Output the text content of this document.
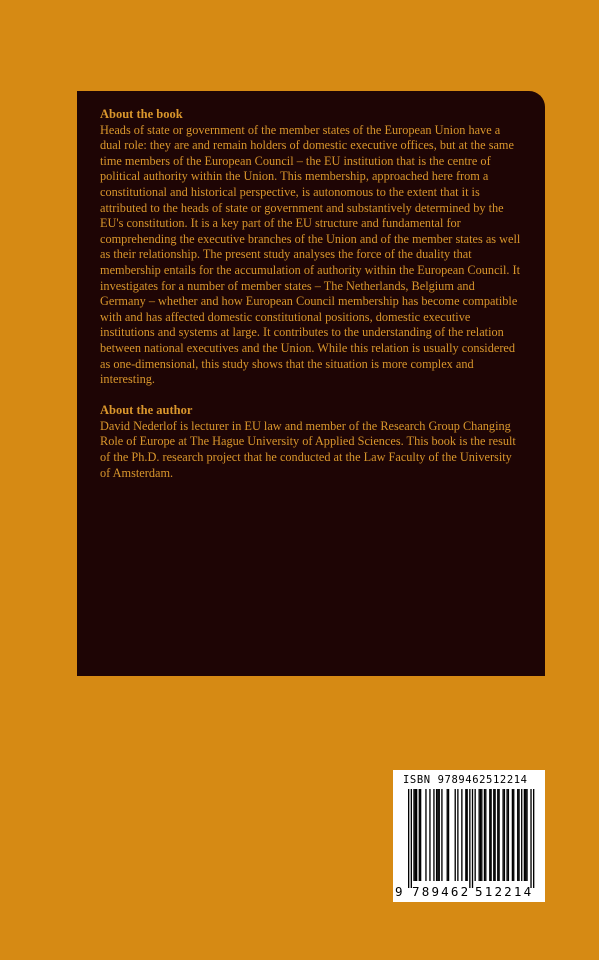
About the book

Heads of state or government of the member states of the European Union have a dual role: they are and remain holders of domestic executive offices, but at the same time members of the European Council – the EU institution that is the centre of political authority within the Union. This membership, approached here from a constitutional and historical perspective, is autonomous to the extent that it is attributed to the heads of state or government and substantively determined by the EU's constitution. It is a key part of the EU structure and fundamental for comprehending the executive branches of the Union and of the member states as well as their relationship. The present study analyses the force of the duality that membership entails for the accumulation of authority within the European Council. It investigates for a number of member states – The Netherlands, Belgium and Germany – whether and how European Council membership has become compatible with and has affected domestic constitutional positions, domestic executive institutions and systems at large. It contributes to the understanding of the relation between national executives and the Union. While this relation is usually considered as one-dimensional, this study shows that the situation is more complex and interesting.

About the author

David Nederlof is lecturer in EU law and member of the Research Group Changing Role of Europe at The Hague University of Applied Sciences. This book is the result of the Ph.D. research project that he conducted at the Law Faculty of the University of Amsterdam.

ISBN 9789462512214
9 789462 512214
